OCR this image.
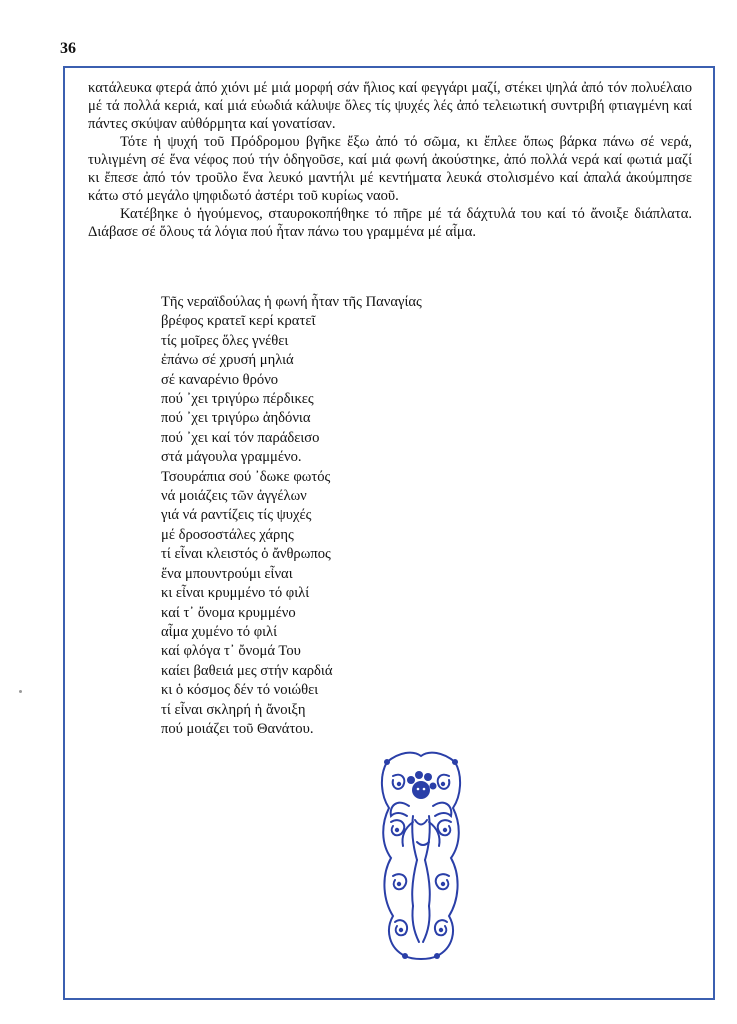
36

κατάλευκα φτερά ἀπό χιόνι μέ μιά μορφή σάν ἥλιος καί φεγγάρι μαζί, στέκει ψηλά ἀπό τόν πολυέλαιο μέ τά πολλά κεριά, καί μιά εὐωδιά κάλυψε ὅλες τίς ψυχές λές ἀπό τελειωτική συντριβή φτιαγμένη καί πάντες σκύψαν αὐθόρμητα καί γονατίσαν.

Τότε ἡ ψυχή τοῦ Πρόδρομου βγῆκε ἔξω ἀπό τό σῶμα, κι ἔπλεε ὅπως βάρκα πάνω σέ νερά, τυλιγμένη σέ ἕνα νέφος πού τήν ὁδηγοῦσε, καί μιά φωνή ἀκούστηκε, ἀπό πολλά νερά καί φωτιά μαζί κι ἔπεσε ἀπό τόν τροῦλο ἕνα λευκό μαντήλι μέ κεντήματα λευκά στολισμένο καί ἀπαλά ἀκούμπησε κάτω στό μεγάλο ψηφιδωτό ἀστέρι τοῦ κυρίως ναοῦ.

Κατέβηκε ὁ ἡγούμενος, σταυροκοπήθηκε τό πῆρε μέ τά δάχτυλά του καί τό ἄνοιξε διάπλατα. Διάβασε σέ ὅλους τά λόγια πού ἦταν πάνω του γραμμένα μέ αἷμα.

Τῆς νεραϊδούλας ἡ φωνή ἦταν τῆς Παναγίας
βρέφος κρατεῖ κερί κρατεῖ
τίς μοῖρες ὅλες γνέθει
ἐπάνω σέ χρυσή μηλιά
σέ καναρένιο θρόνο
πού ᾽χει τριγύρω πέρδικες
πού ᾽χει τριγύρω ἀηδόνια
πού ᾽χει καί τόν παράδεισο
στά μάγουλα γραμμένο.
Τσουράπια σού ᾽δωκε φωτός
νά μοιάζεις τῶν ἀγγέλων
γιά νά ραντίζεις τίς ψυχές
μέ δροσοστάλες χάρης
τί εἶναι κλειστός ὁ ἄνθρωπος
ἕνα μπουντρούμι εἶναι
κι εἶναι κρυμμένο τό φιλί
καί τ᾽ ὄνομα κρυμμένο
αἷμα χυμένο τό φιλί
καί φλόγα τ᾽ ὄνομά Του
καίει βαθειά μες στήν καρδιά
κι ὁ κόσμος δέν τό νοιώθει
τί εἶναι σκληρή ἡ ἄνοιξη
πού μοιάζει τοῦ Θανάτου.
